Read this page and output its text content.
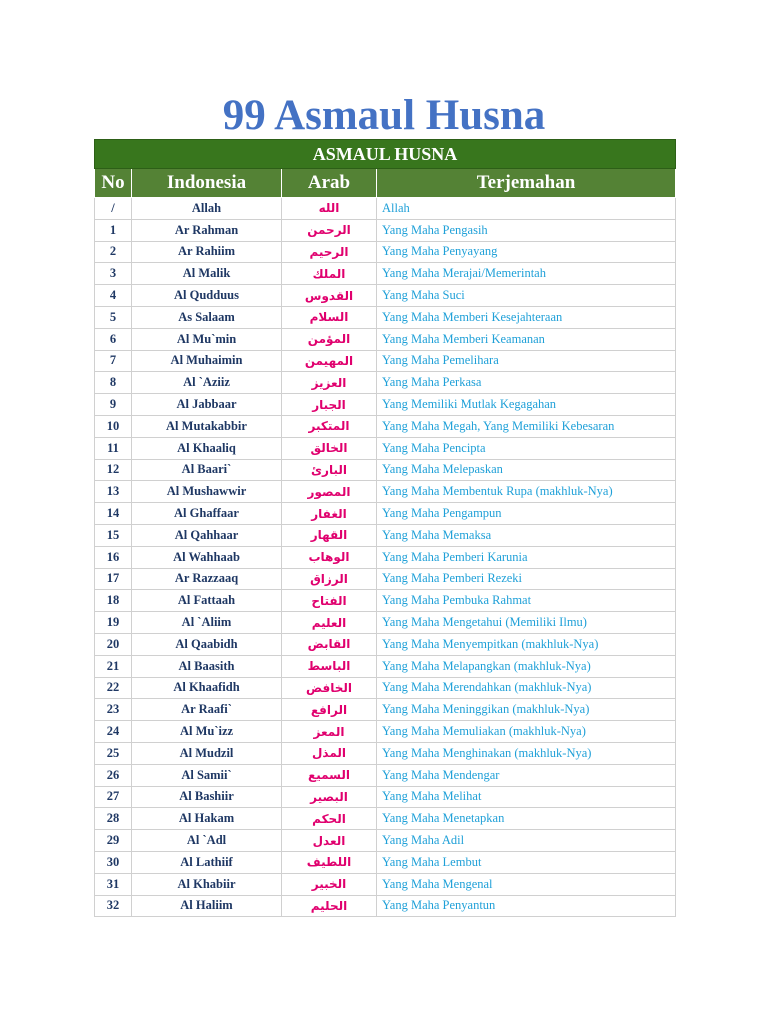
99 Asmaul Husna
ASMAUL HUSNA			
No	Indonesia	Arab	Terjemahan
/	Allah	الله	Allah
1	Ar Rahman	الرحمن	Yang Maha Pengasih
2	Ar Rahiim	الرحيم	Yang Maha Penyayang
3	Al Malik	الملك	Yang Maha Merajai/Memerintah
4	Al Qudduus	القدوس	Yang Maha Suci
5	As Salaam	السلام	Yang Maha Memberi Kesejahteraan
6	Al Mu`min	المؤمن	Yang Maha Memberi Keamanan
7	Al Muhaimin	المهيمن	Yang Maha Pemelihara
8	Al `Aziiz	العزيز	Yang Maha Perkasa
9	Al Jabbaar	الجبار	Yang Memiliki Mutlak Kegagahan
10	Al Mutakabbir	المتكبر	Yang Maha Megah, Yang Memiliki Kebesaran
11	Al Khaaliq	الخالق	Yang Maha Pencipta
12	Al Baari`	البارئ	Yang Maha Melepaskan
13	Al Mushawwir	المصور	Yang Maha Membentuk Rupa (makhluk-Nya)
14	Al Ghaffaar	الغفار	Yang Maha Pengampun
15	Al Qahhaar	القهار	Yang Maha Memaksa
16	Al Wahhaab	الوهاب	Yang Maha Pemberi Karunia
17	Ar Razzaaq	الرزاق	Yang Maha Pemberi Rezeki
18	Al Fattaah	الفتاح	Yang Maha Pembuka Rahmat
19	Al `Aliim	العليم	Yang Maha Mengetahui (Memiliki Ilmu)
20	Al Qaabidh	القابض	Yang Maha Menyempitkan (makhluk-Nya)
21	Al Baasith	الباسط	Yang Maha Melapangkan (makhluk-Nya)
22	Al Khaafidh	الخافض	Yang Maha Merendahkan (makhluk-Nya)
23	Ar Raafi`	الرافع	Yang Maha Meninggikan (makhluk-Nya)
24	Al Mu`izz	المعز	Yang Maha Memuliakan (makhluk-Nya)
25	Al Mudzil	المذل	Yang Maha Menghinakan (makhluk-Nya)
26	Al Samii`	السميع	Yang Maha Mendengar
27	Al Bashiir	البصير	Yang Maha Melihat
28	Al Hakam	الحكم	Yang Maha Menetapkan
29	Al `Adl	العدل	Yang Maha Adil
30	Al Lathiif	اللطيف	Yang Maha Lembut
31	Al Khabiir	الخبير	Yang Maha Mengenal
32	Al Haliim	الحليم	Yang Maha Penyantun
